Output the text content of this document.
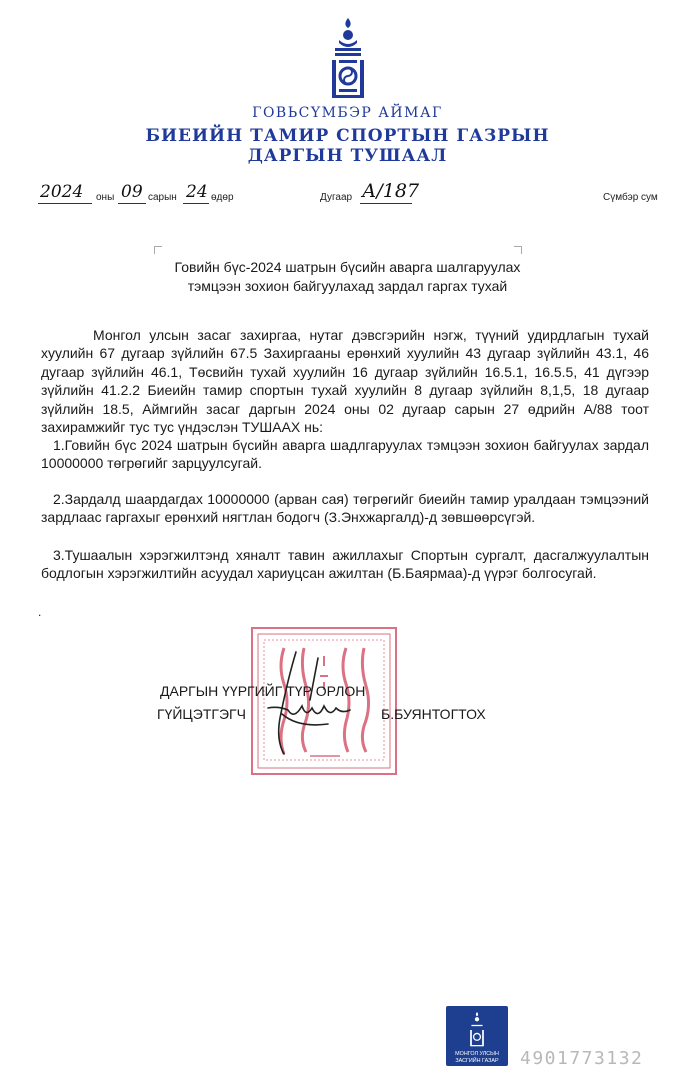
ГОВЬСҮМБЭР АЙМАГ
БИЕИЙН ТАМИР СПОРТЫН ГАЗРЫН
ДАРГЫН ТУШААЛ
2024 оны 09 сарын 24 өдөр	Дугаар А/187	Сүмбэр сум
Говийн бүс-2024 шатрын бүсийн аварга шалгаруулах
тэмцээн зохион байгуулахад зардал гаргах тухай
Монгол улсын засаг захиргаа, нутаг дэвсгэрийн нэгж, түүний удирдлагын тухай хуулийн 67 дугаар зүйлийн 67.5 Захиргааны ерөнхий хуулийн 43 дугаар зүйлийн 43.1, 46 дугаар зүйлийн 46.1, Төсвийн тухай хуулийн 16 дугаар зүйлийн 16.5.1, 16.5.5, 41 дүгээр зүйлийн 41.2.2 Биеийн тамир спортын тухай хуулийн 8 дугаар зүйлийн 8,1,5, 18 дугаар зүйлийн 18.5, Аймгийн засаг даргын 2024 оны 02 дугаар сарын 27 өдрийн А/88 тоот захирамжийг тус тус үндэслэн ТУШААХ нь:
1.Говийн бүс 2024 шатрын бүсийн аварга шадлгаруулах тэмцээн зохион байгуулах зардал 10000000 төгрөгийг зарцуулсугай.
2.Зардалд шаардагдах 10000000 (арван сая) төгрөгийг биеийн тамир уралдаан тэмцээний зардлаас гаргахыг ерөнхий нягтлан бодогч (З.Энхжаргалд)-д зөвшөөрсүгэй.
3.Тушаалын хэрэгжилтэнд хяналт тавин ажиллахыг Спортын сургалт, дасгалжуулалтын бодлогын хэрэгжилтийн асуудал хариуцсан ажилтан (Б.Баярмаа)-д үүрэг болгосугай.
.
ДАРГЫН ҮҮРГИЙГ ТҮР ОРЛОН
ГҮЙЦЭТГЭГЧ	Б.БУЯНТОГТОХ
МОНГОЛ УЛСЫН
ЗАСГИЙН ГАЗАР	4901773132
